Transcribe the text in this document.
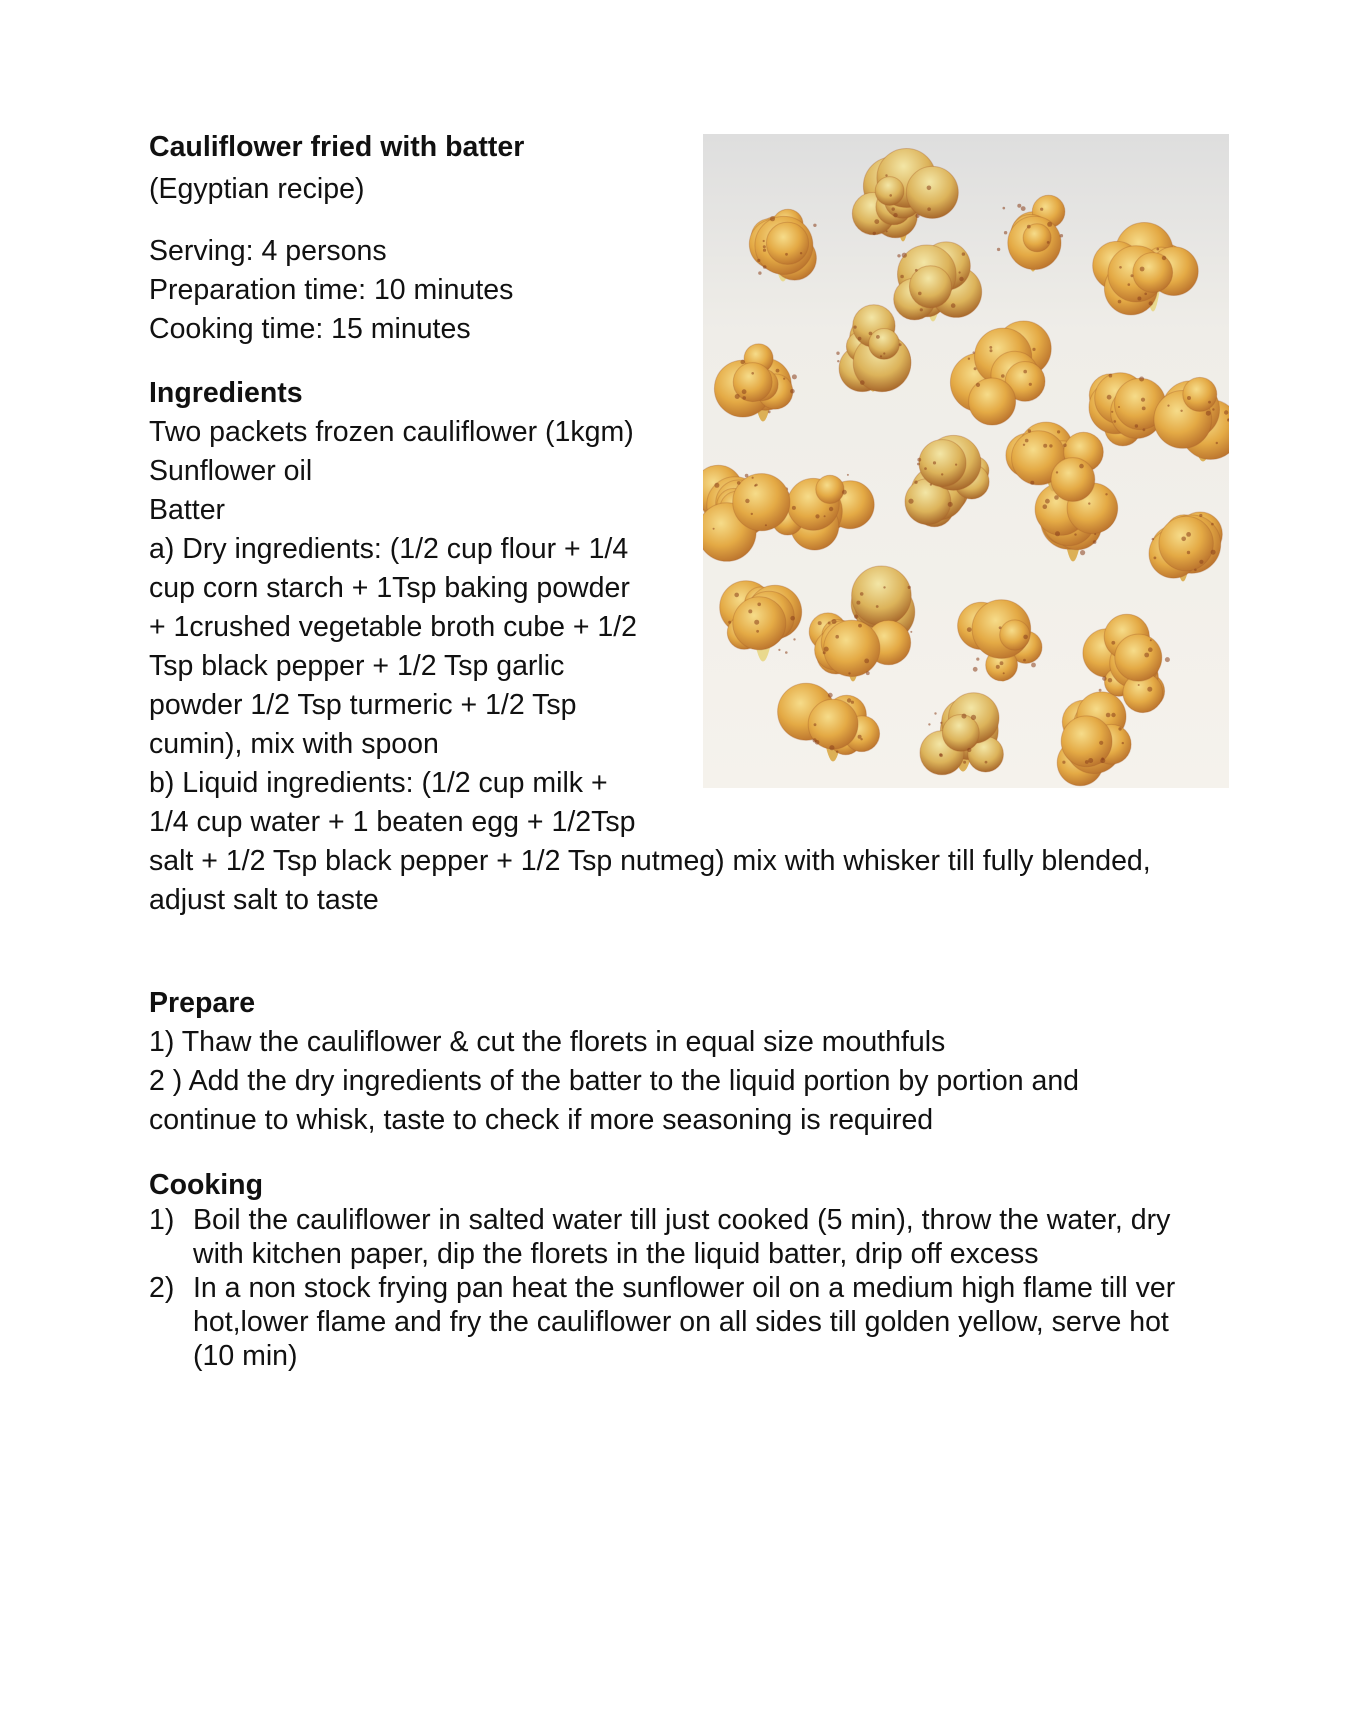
Cauliflower fried with batter

(Egyptian recipe)

Serving: 4 persons

Preparation time: 10 minutes

Cooking time: 15 minutes

Ingredients

Two packets frozen cauliflower (1kgm)

Sunflower oil

Batter

a) Dry ingredients: (1/2 cup flour + 1/4

cup corn starch + 1Tsp baking powder

+ 1crushed vegetable broth cube + 1/2

Tsp black pepper + 1/2 Tsp garlic

powder 1/2 Tsp turmeric + 1/2 Tsp

cumin), mix with spoon

b) Liquid ingredients: (1/2 cup milk +

1/4 cup water + 1 beaten egg + 1/2Tsp

salt + 1/2 Tsp black pepper + 1/2 Tsp nutmeg) mix with whisker till fully blended,

adjust salt to taste

Prepare

1) Thaw the cauliflower & cut the florets in equal size mouthfuls

2 ) Add the dry ingredients of the batter to the liquid portion by portion and

continue to whisk, taste to check if more seasoning is required

Cooking

1) Boil the cauliflower in salted water till just cooked (5 min), throw the water, dry with kitchen paper, dip the florets in the liquid batter, drip off excess
2) In a non stock frying pan heat the sunflower oil on a medium high flame till ver hot,lower flame and fry the cauliflower on all sides till golden yellow, serve hot (10 min)
